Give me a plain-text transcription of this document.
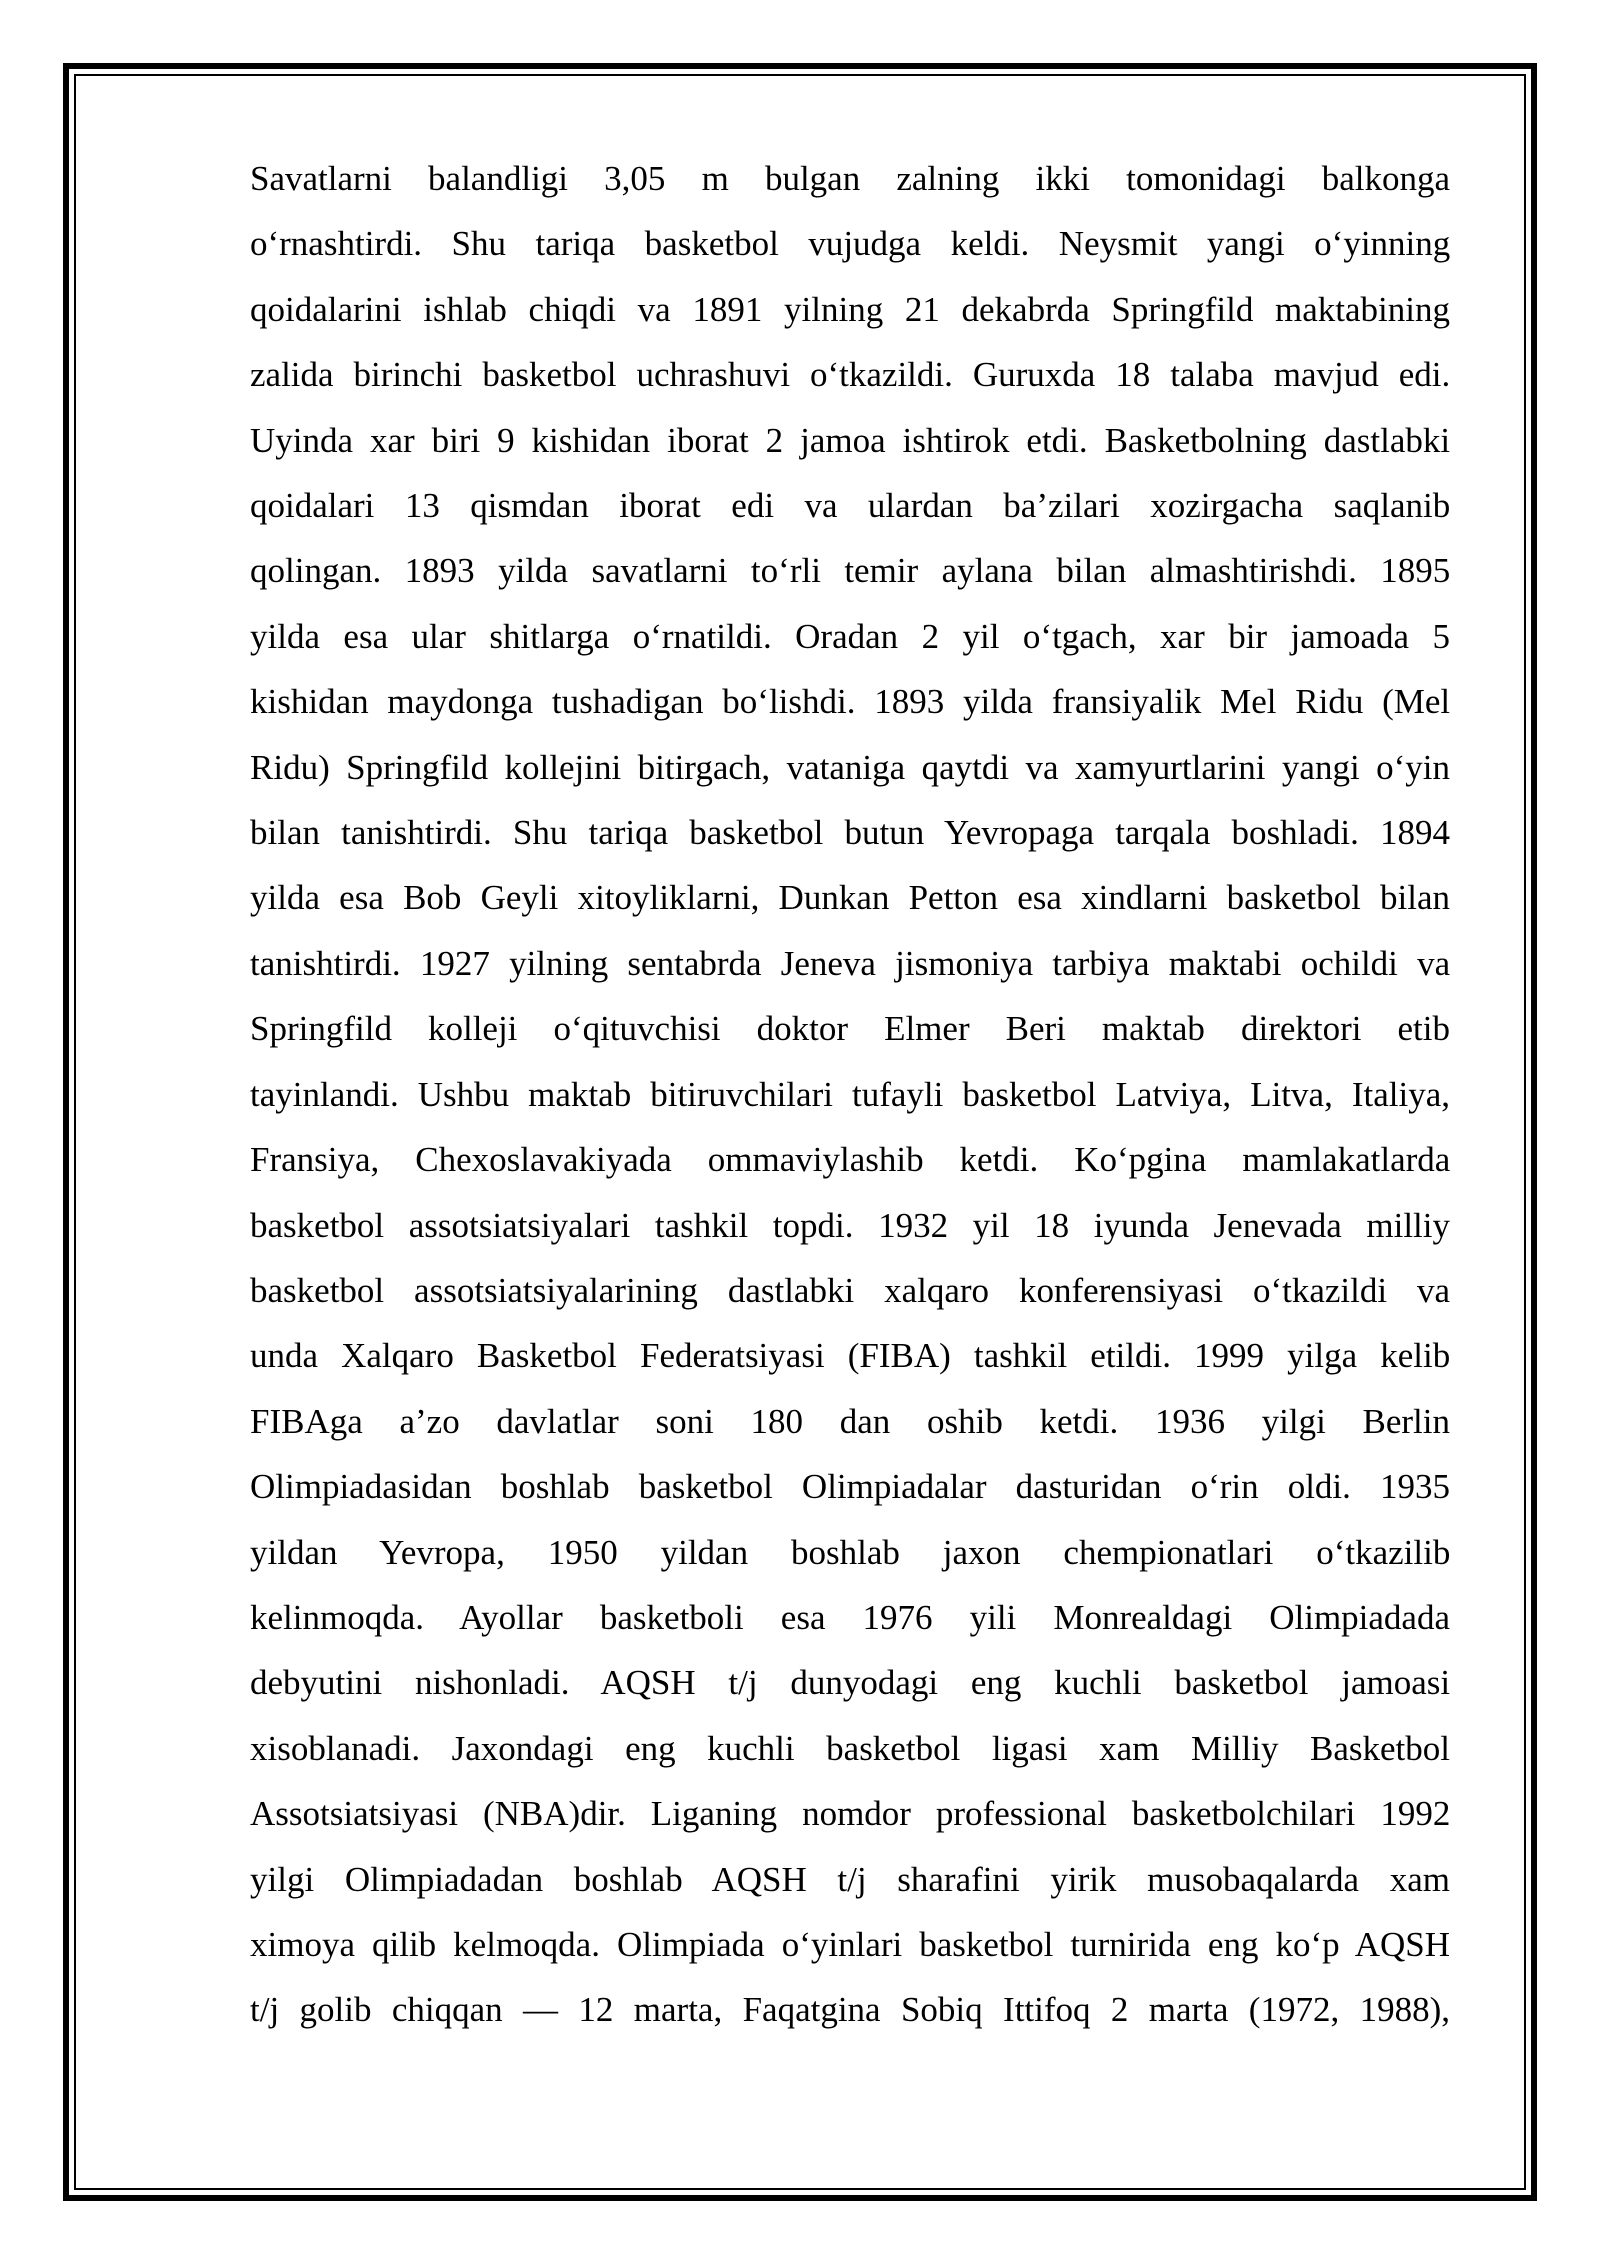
Savatlarni balandligi 3,05 m bulgan zalning ikki tomonidagi balkonga
o‘rnashtirdi. Shu tariqa basketbol vujudga keldi. Neysmit yangi o‘yinning
qoidalarini ishlab chiqdi va 1891 yilning 21 dekabrda Springfild maktabining
zalida birinchi basketbol uchrashuvi o‘tkazildi. Guruxda 18 talaba mavjud edi.
Uyinda xar biri 9 kishidan iborat 2 jamoa ishtirok etdi. Basketbolning dastlabki
qoidalari 13 qismdan iborat edi va ulardan ba’zilari xozirgacha saqlanib
qolingan. 1893 yilda savatlarni to‘rli temir aylana bilan almashtirishdi. 1895
yilda esa ular shitlarga o‘rnatildi. Oradan 2 yil o‘tgach, xar bir jamoada 5
kishidan maydonga tushadigan bo‘lishdi. 1893 yilda fransiyalik Mel Ridu (Mel
Ridu) Springfild kollejini bitirgach, vataniga qaytdi va xamyurtlarini yangi o‘yin
bilan tanishtirdi. Shu tariqa basketbol butun Yevropaga tarqala boshladi. 1894
yilda esa Bob Geyli xitoyliklarni, Dunkan Petton esa xindlarni basketbol bilan
tanishtirdi. 1927 yilning sentabrda Jeneva jismoniya tarbiya maktabi ochildi va
Springfild kolleji o‘qituvchisi doktor Elmer Beri maktab direktori etib
tayinlandi. Ushbu maktab bitiruvchilari tufayli basketbol Latviya, Litva, Italiya,
Fransiya, Chexoslavakiyada ommaviylashib ketdi. Ko‘pgina mamlakatlarda
basketbol assotsiatsiyalari tashkil topdi. 1932 yil 18 iyunda Jenevada milliy
basketbol assotsiatsiyalarining dastlabki xalqaro konferensiyasi o‘tkazildi va
unda Xalqaro Basketbol Federatsiyasi (FIBA) tashkil etildi. 1999 yilga kelib
FIBAga a’zo davlatlar soni 180 dan oshib ketdi. 1936 yilgi Berlin
Olimpiadasidan boshlab basketbol Olimpiadalar dasturidan o‘rin oldi. 1935
yildan Yevropa, 1950 yildan boshlab jaxon chempionatlari o‘tkazilib
kelinmoqda. Ayollar basketboli esa 1976 yili Monrealdagi Olimpiadada
debyutini nishonladi. AQSH t/j dunyodagi eng kuchli basketbol jamoasi
xisoblanadi. Jaxondagi eng kuchli basketbol ligasi xam Milliy Basketbol
Assotsiatsiyasi (NBA)dir. Liganing nomdor professional basketbolchilari 1992
yilgi Olimpiadadan boshlab AQSH t/j sharafini yirik musobaqalarda xam
ximoya qilib kelmoqda. Olimpiada o‘yinlari basketbol turnirida eng ko‘p AQSH
t/j golib chiqqan — 12 marta, Faqatgina Sobiq Ittifoq 2 marta (1972, 1988),
